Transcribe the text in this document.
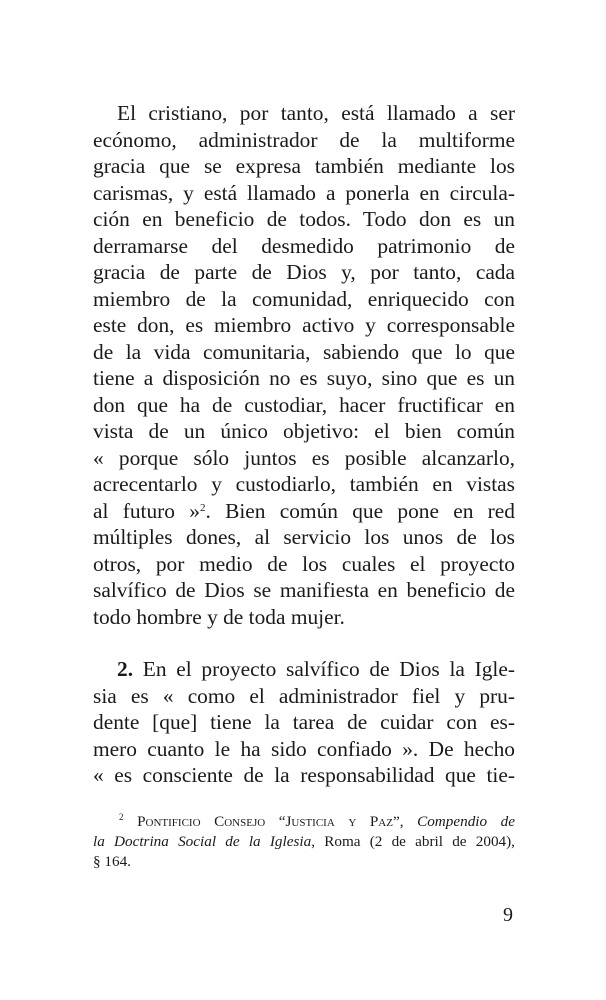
El cristiano, por tanto, está llamado a ser
ecónomo, administrador de la multiforme
gracia que se expresa también mediante los
carismas, y está llamado a ponerla en circula-
ción en beneficio de todos. Todo don es un
derramarse del desmedido patrimonio de
gracia de parte de Dios y, por tanto, cada
miembro de la comunidad, enriquecido con
este don, es miembro activo y corresponsable
de la vida comunitaria, sabiendo que lo que
tiene a disposición no es suyo, sino que es un
don que ha de custodiar, hacer fructificar en
vista de un único objetivo: el bien común
« porque sólo juntos es posible alcanzarlo,
acrecentarlo y custodiarlo, también en vistas
al futuro »$^2$. Bien común que pone en red
múltiples dones, al servicio los unos de los
otros, por medio de los cuales el proyecto
salvífico de Dios se manifiesta en beneficio de
todo hombre y de toda mujer.
2. En el proyecto salvífico de Dios la Igle-
sia es « como el administrador fiel y pru-
dente [que] tiene la tarea de cuidar con es-
mero cuanto le ha sido confiado ». De hecho
« es consciente de la responsabilidad que tie-
$^2$ Pontificio Consejo “Justicia y Paz”, Compendio de
la Doctrina Social de la Iglesia, Roma (2 de abril de 2004),
§ 164.
9
